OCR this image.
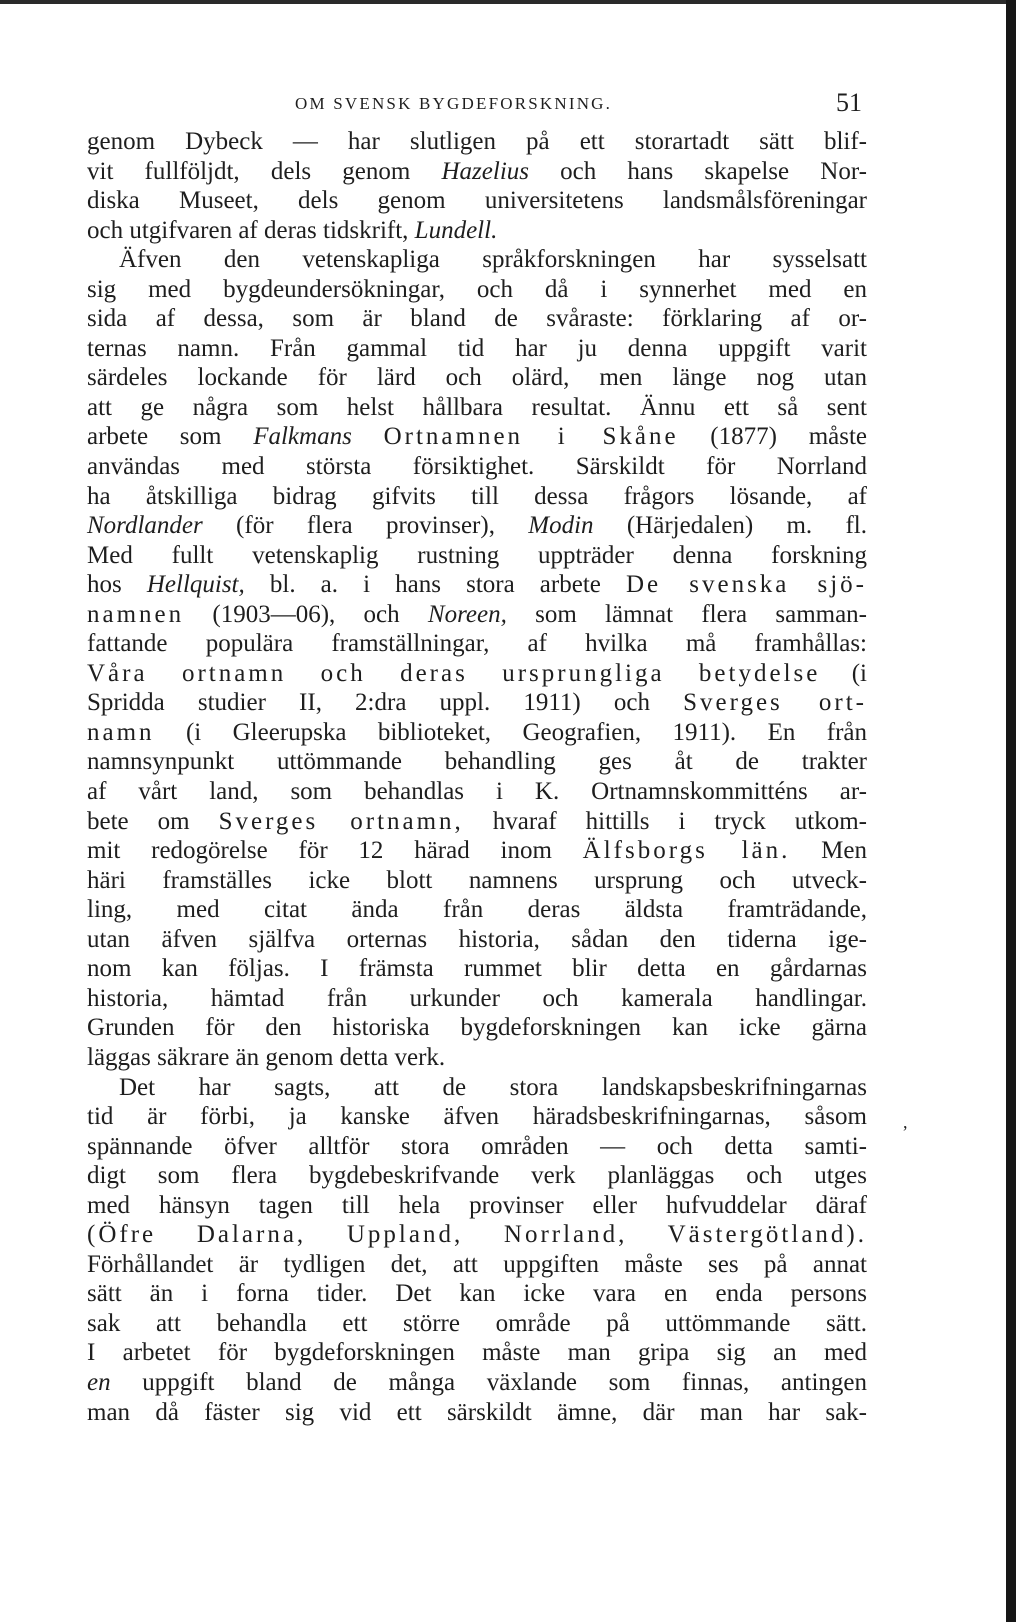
OM SVENSK BYGDEFORSKNING.	51
genom Dybeck — har slutligen på ett storartadt sätt blif-
vit fullföljdt, dels genom Hazelius och hans skapelse Nor-
diska Museet, dels genom universitetens landsmålsföreningar
och utgifvaren af deras tidskrift, Lundell.
Äfven den vetenskapliga språkforskningen har sysselsatt
sig med bygdeundersökningar, och då i synnerhet med en
sida af dessa, som är bland de svåraste: förklaring af or-
ternas namn. Från gammal tid har ju denna uppgift varit
särdeles lockande för lärd och olärd, men länge nog utan
att ge några som helst hållbara resultat. Ännu ett så sent
arbete som Falkmans Ortnamnen i Skåne (1877) måste
användas med största försiktighet. Särskildt för Norrland
ha åtskilliga bidrag gifvits till dessa frågors lösande, af
Nordlander (för flera provinser), Modin (Härjedalen) m. fl.
Med fullt vetenskaplig rustning uppträder denna forskning
hos Hellquist, bl. a. i hans stora arbete De svenska sjö-
namnen (1903—06), och Noreen, som lämnat flera samman-
fattande populära framställningar, af hvilka må framhållas:
Våra ortnamn och deras ursprungliga betydelse (i
Spridda studier II, 2:dra uppl. 1911) och Sverges ort-
namn (i Gleerupska biblioteket, Geografien, 1911). En från
namnsynpunkt uttömmande behandling ges åt de trakter
af vårt land, som behandlas i K. Ortnamnskommitténs ar-
bete om Sverges ortnamn, hvaraf hittills i tryck utkom-
mit redogörelse för 12 härad inom Älfsborgs län. Men
häri framställes icke blott namnens ursprung och utveck-
ling, med citat ända från deras äldsta framträdande,
utan äfven själfva orternas historia, sådan den tiderna ige-
nom kan följas. I främsta rummet blir detta en gårdarnas
historia, hämtad från urkunder och kamerala handlingar.
Grunden för den historiska bygdeforskningen kan icke gärna
läggas säkrare än genom detta verk.
Det har sagts, att de stora landskapsbeskrifningarnas
tid är förbi, ja kanske äfven häradsbeskrifningarnas, såsom
spännande öfver alltför stora områden — och detta samti-
digt som flera bygdebeskrifvande verk planläggas och utges
med hänsyn tagen till hela provinser eller hufvuddelar däraf
(Öfre Dalarna, Uppland, Norrland, Västergötland).
Förhållandet är tydligen det, att uppgiften måste ses på annat
sätt än i forna tider. Det kan icke vara en enda persons
sak att behandla ett större område på uttömmande sätt.
I arbetet för bygdeforskningen måste man gripa sig an med
en uppgift bland de många växlande som finnas, antingen
man då fäster sig vid ett särskildt ämne, där man har sak-
,
